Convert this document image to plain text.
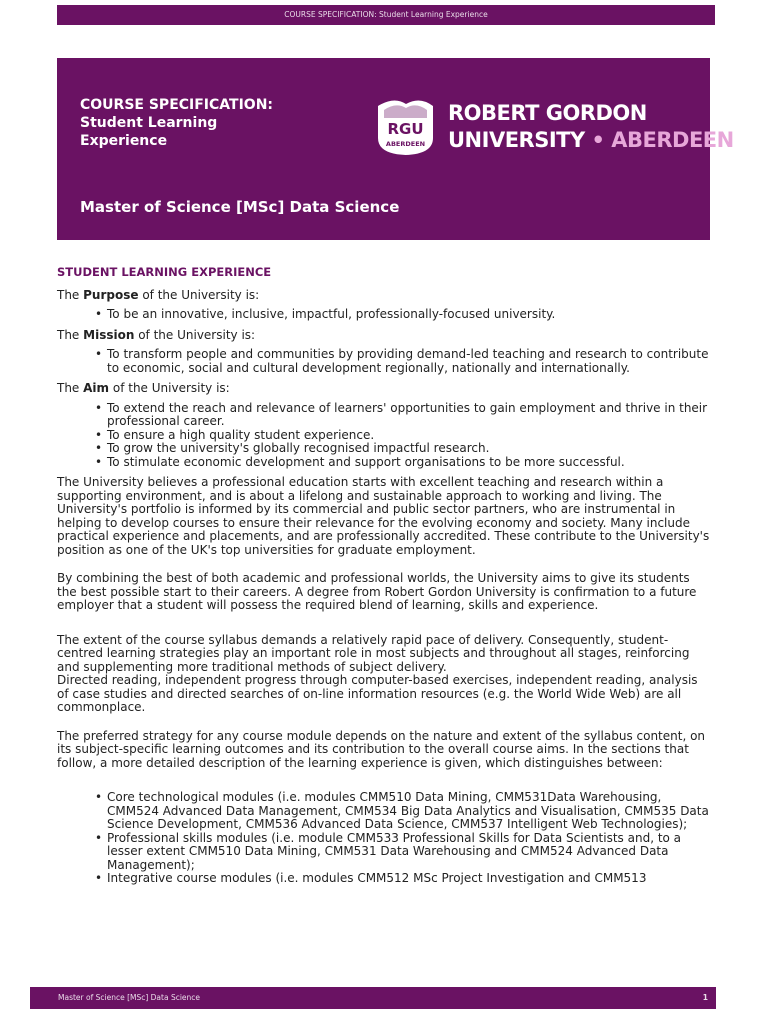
COURSE SPECIFICATION: Student Learning Experience
COURSE SPECIFICATION:
Student Learning
Experience
RGU
ABERDEEN
ROBERT GORDON
UNIVERSITY • ABERDEEN
Master of Science [MSc] Data Science
STUDENT LEARNING EXPERIENCE
The Purpose of the University is:
• To be an innovative, inclusive, impactful, professionally-focused university.
The Mission of the University is:
• To transform people and communities by providing demand-led teaching and research to contribute to economic, social and cultural development regionally, nationally and internationally.
The Aim of the University is:
• To extend the reach and relevance of learners' opportunities to gain employment and thrive in their professional career.
• To ensure a high quality student experience.
• To grow the university's globally recognised impactful research.
• To stimulate economic development and support organisations to be more successful.
The University believes a professional education starts with excellent teaching and research within a supporting environment, and is about a lifelong and sustainable approach to working and living. The University's portfolio is informed by its commercial and public sector partners, who are instrumental in helping to develop courses to ensure their relevance for the evolving economy and society. Many include practical experience and placements, and are professionally accredited. These contribute to the University's position as one of the UK's top universities for graduate employment.
By combining the best of both academic and professional worlds, the University aims to give its students the best possible start to their careers. A degree from Robert Gordon University is confirmation to a future employer that a student will possess the required blend of learning, skills and experience.
The extent of the course syllabus demands a relatively rapid pace of delivery. Consequently, student-centred learning strategies play an important role in most subjects and throughout all stages, reinforcing and supplementing more traditional methods of subject delivery.
Directed reading, independent progress through computer-based exercises, independent reading, analysis of case studies and directed searches of on-line information resources (e.g. the World Wide Web) are all commonplace.
The preferred strategy for any course module depends on the nature and extent of the syllabus content, on its subject-specific learning outcomes and its contribution to the overall course aims. In the sections that follow, a more detailed description of the learning experience is given, which distinguishes between:
• Core technological modules (i.e. modules CMM510 Data Mining, CMM531Data Warehousing, CMM524 Advanced Data Management, CMM534 Big Data Analytics and Visualisation, CMM535 Data Science Development, CMM536 Advanced Data Science, CMM537 Intelligent Web Technologies);
• Professional skills modules (i.e. module CMM533 Professional Skills for Data Scientists and, to a lesser extent CMM510 Data Mining, CMM531 Data Warehousing and CMM524 Advanced Data Management);
• Integrative course modules (i.e. modules CMM512 MSc Project Investigation and CMM513
Master of Science [MSc] Data Science	1
